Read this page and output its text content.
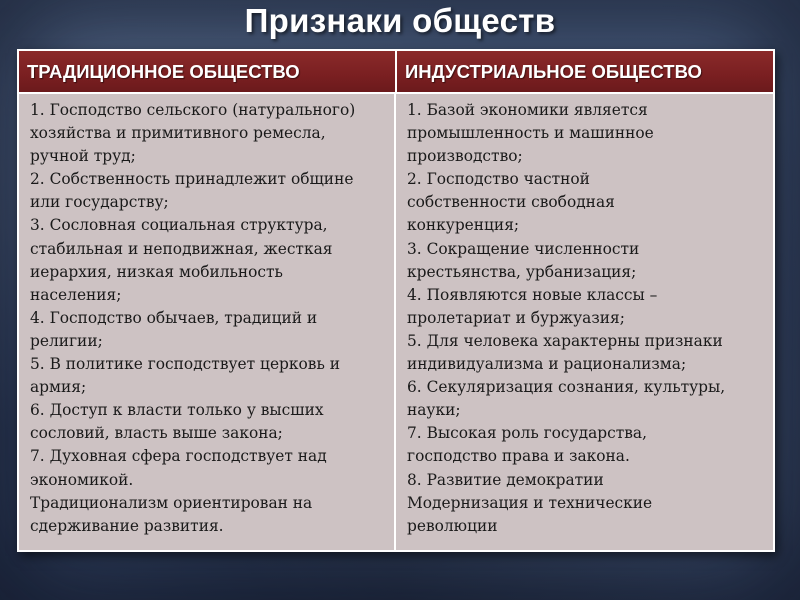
Признаки обществ
ТРАДИЦИОННОЕ ОБЩЕСТВО	ИНДУСТРИАЛЬНОЕ ОБЩЕСТВО
1. Господство сельского (натурального)
хозяйства и примитивного ремесла,
ручной труд;
2. Собственность принадлежит общине
или государству;
3. Сословная социальная структура,
стабильная и неподвижная, жесткая
иерархия, низкая мобильность
населения;
4. Господство обычаев, традиций и
религии;
5. В политике господствует церковь и
армия;
6. Доступ к власти только у высших
сословий, власть выше закона;
7. Духовная сфера господствует над
экономикой.
Традиционализм ориентирован на
сдерживание развития.
1. Базой экономики является
промышленность и машинное
производство;
2. Господство частной
собственности свободная
конкуренция;
3. Сокращение численности
крестьянства, урбанизация;
4. Появляются новые классы –
пролетариат и буржуазия;
5. Для человека характерны признаки
индивидуализма и рационализма;
6. Секуляризация сознания, культуры,
науки;
7. Высокая роль государства,
господство права и закона.
8. Развитие демократии
Модернизация и технические
революции
